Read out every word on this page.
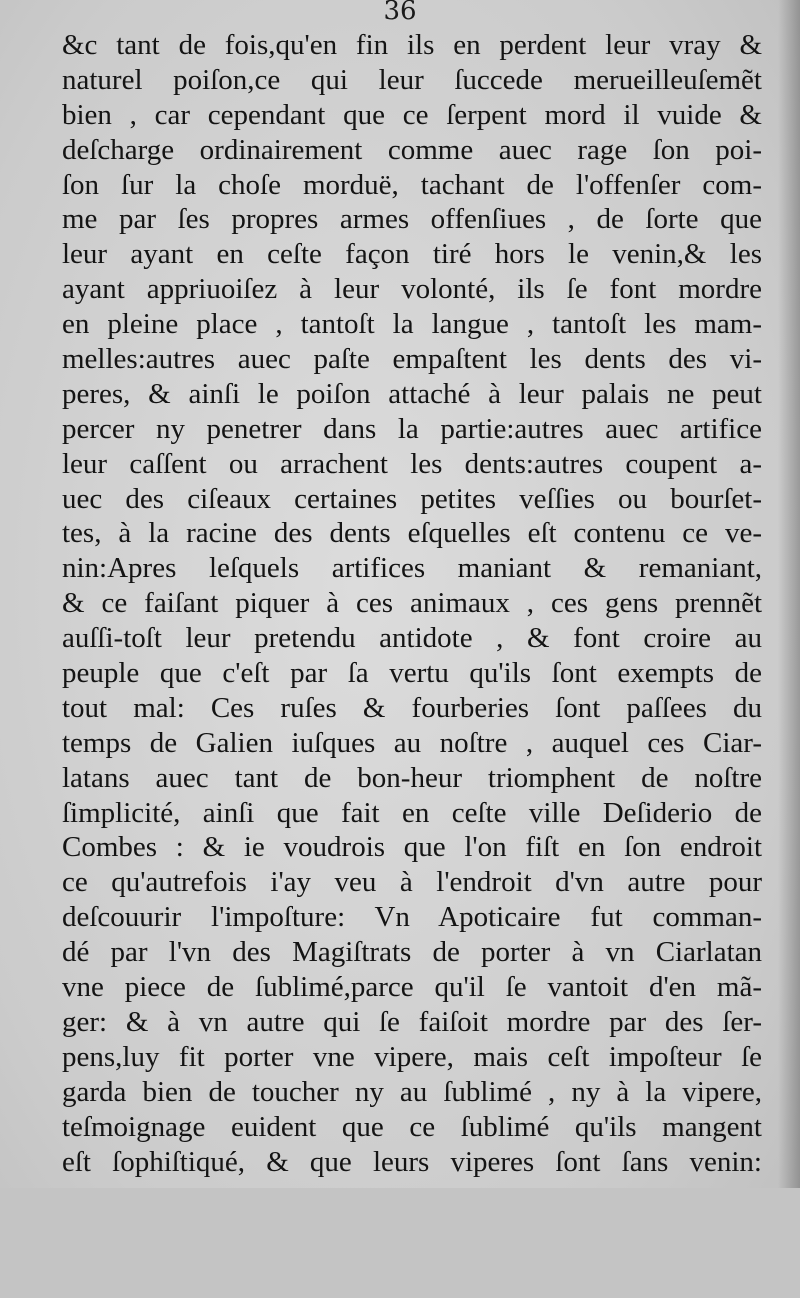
36
&c tant de fois,qu'en fin ils en perdent leur vray &
naturel poiſon,ce qui leur ſuccede merueilleuſemẽt
bien , car cependant que ce ſerpent mord il vuide &
deſcharge ordinairement comme auec rage ſon poi-
ſon ſur la choſe morduë, tachant de l'offenſer com-
me par ſes propres armes offenſiues , de ſorte que
leur ayant en ceſte façon tiré hors le venin,& les
ayant appriuoiſez à leur volonté, ils ſe font mordre
en pleine place , tantoſt la langue , tantoſt les mam-
melles:autres auec paſte empaſtent les dents des vi-
peres, & ainſi le poiſon attaché à leur palais ne peut
percer ny penetrer dans la partie:autres auec artifice
leur caſſent ou arrachent les dents:autres coupent a-
uec des ciſeaux certaines petites veſſies ou bourſet-
tes, à la racine des dents eſquelles eſt contenu ce ve-
nin:Apres leſquels artifices maniant & remaniant,
& ce faiſant piquer à ces animaux , ces gens prennẽt
auſſi-toſt leur pretendu antidote , & font croire au
peuple que c'eſt par ſa vertu qu'ils ſont exempts de
tout mal: Ces ruſes & fourberies ſont paſſees du
temps de Galien iuſques au noſtre , auquel ces Ciar-
latans auec tant de bon-heur triomphent de noſtre
ſimplicité, ainſi que fait en ceſte ville Deſiderio de
Combes : & ie voudrois que l'on fiſt en ſon endroit
ce qu'autrefois i'ay veu à l'endroit d'vn autre pour
deſcouurir l'impoſture: Vn Apoticaire fut comman-
dé par l'vn des Magiſtrats de porter à vn Ciarlatan
vne piece de ſublimé,parce qu'il ſe vantoit d'en mã-
ger: & à vn autre qui ſe faiſoit mordre par des ſer-
pens,luy fit porter vne vipere, mais ceſt impoſteur ſe
garda bien de toucher ny au ſublimé , ny à la vipere,
teſmoignage euident que ce ſublimé qu'ils mangent
eſt ſophiſtiqué, & que leurs viperes ſont ſans venin:
